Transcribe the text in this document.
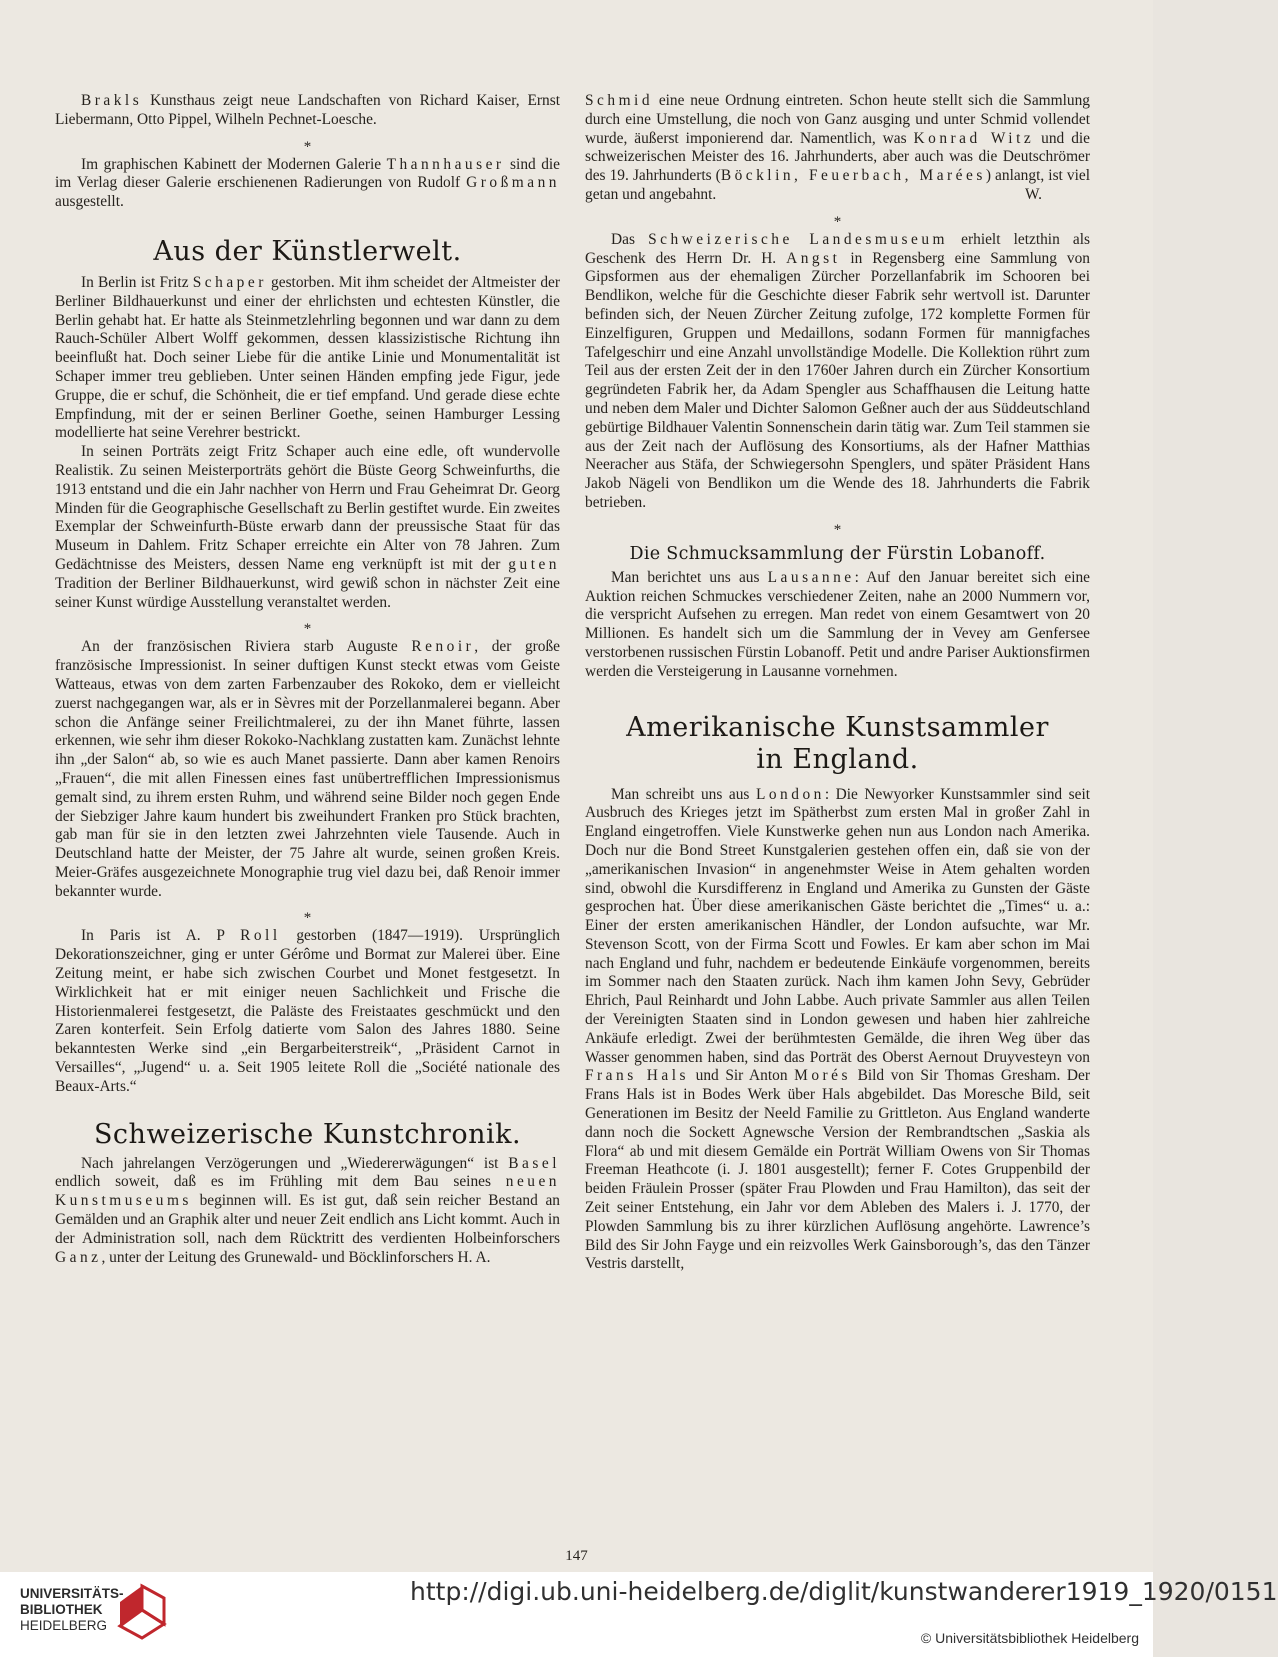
Brakls Kunsthaus zeigt neue Landschaften von Richard Kaiser, Ernst Liebermann, Otto Pippel, Wilheln Pechnet-Loesche.

*

Im graphischen Kabinett der Modernen Galerie Thannhauser sind die im Verlag dieser Galerie erschienenen Radierungen von Rudolf Großmann ausgestellt.

Aus der Künstlerwelt.

In Berlin ist Fritz Schaper gestorben. Mit ihm scheidet der Altmeister der Berliner Bildhauerkunst und einer der ehrlichsten und echtesten Künstler, die Berlin gehabt hat. Er hatte als Steinmetzlehrling begonnen und war dann zu dem Rauch-Schüler Albert Wolff gekommen, dessen klassizistische Richtung ihn beeinflußt hat. Doch seiner Liebe für die antike Linie und Monumentalität ist Schaper immer treu geblieben. Unter seinen Händen empfing jede Figur, jede Gruppe, die er schuf, die Schönheit, die er tief empfand. Und gerade diese echte Empfindung, mit der er seinen Berliner Goethe, seinen Hamburger Lessing modellierte hat seine Verehrer bestrickt.

In seinen Porträts zeigt Fritz Schaper auch eine edle, oft wundervolle Realistik. Zu seinen Meisterporträts gehört die Büste Georg Schweinfurths, die 1913 entstand und die ein Jahr nachher von Herrn und Frau Geheimrat Dr. Georg Minden für die Geographische Gesellschaft zu Berlin gestiftet wurde. Ein zweites Exemplar der Schweinfurth-Büste erwarb dann der preussische Staat für das Museum in Dahlem. Fritz Schaper erreichte ein Alter von 78 Jahren. Zum Gedächtnisse des Meisters, dessen Name eng verknüpft ist mit der guten Tradition der Berliner Bildhauerkunst, wird gewiß schon in nächster Zeit eine seiner Kunst würdige Ausstellung veranstaltet werden.

*

An der französischen Riviera starb Auguste Renoir, der große französische Impressionist. In seiner duftigen Kunst steckt etwas vom Geiste Watteaus, etwas von dem zarten Farbenzauber des Rokoko, dem er vielleicht zuerst nachgegangen war, als er in Sèvres mit der Porzellanmalerei begann. Aber schon die Anfänge seiner Freilichtmalerei, zu der ihn Manet führte, lassen erkennen, wie sehr ihm dieser Rokoko-Nachklang zustatten kam. Zunächst lehnte ihn „der Salon“ ab, so wie es auch Manet passierte. Dann aber kamen Renoirs „Frauen“, die mit allen Finessen eines fast unübertrefflichen Impressionismus gemalt sind, zu ihrem ersten Ruhm, und während seine Bilder noch gegen Ende der Siebziger Jahre kaum hundert bis zweihundert Franken pro Stück brachten, gab man für sie in den letzten zwei Jahrzehnten viele Tausende. Auch in Deutschland hatte der Meister, der 75 Jahre alt wurde, seinen großen Kreis. Meier-Gräfes ausgezeichnete Monographie trug viel dazu bei, daß Renoir immer bekannter wurde.

*

In Paris ist A. P Roll gestorben (1847—1919). Ursprünglich Dekorationszeichner, ging er unter Gérôme und Bormat zur Malerei über. Eine Zeitung meint, er habe sich zwischen Courbet und Monet festgesetzt. In Wirklichkeit hat er mit einiger neuen Sachlichkeit und Frische die Historienmalerei festgesetzt, die Paläste des Freistaates geschmückt und den Zaren konterfeit. Sein Erfolg datierte vom Salon des Jahres 1880. Seine bekanntesten Werke sind „ein Bergarbeiterstreik“, „Präsident Carnot in Versailles“, „Jugend“ u. a. Seit 1905 leitete Roll die „Société nationale des Beaux-Arts.“

Schweizerische Kunstchronik.

Nach jahrelangen Verzögerungen und „Wiedererwägungen“ ist Basel endlich soweit, daß es im Frühling mit dem Bau seines neuen Kunstmuseums beginnen will. Es ist gut, daß sein reicher Bestand an Gemälden und an Graphik alter und neuer Zeit endlich ans Licht kommt. Auch in der Administration soll, nach dem Rücktritt des verdienten Holbeinforschers Ganz, unter der Leitung des Grunewald- und Böcklinforschers H. A.

Schmid eine neue Ordnung eintreten. Schon heute stellt sich die Sammlung durch eine Umstellung, die noch von Ganz ausging und unter Schmid vollendet wurde, äußerst imponierend dar. Namentlich, was Konrad Witz und die schweizerischen Meister des 16. Jahrhunderts, aber auch was die Deutschrömer des 19. Jahrhunderts (Böcklin, Feuerbach, Marées) anlangt, ist viel getan und angebahnt.	W.

*

Das Schweizerische Landesmuseum erhielt letzthin als Geschenk des Herrn Dr. H. Angst in Regensberg eine Sammlung von Gipsformen aus der ehemaligen Zürcher Porzellanfabrik im Schooren bei Bendlikon, welche für die Geschichte dieser Fabrik sehr wertvoll ist. Darunter befinden sich, der Neuen Zürcher Zeitung zufolge, 172 komplette Formen für Einzelfiguren, Gruppen und Medaillons, sodann Formen für mannigfaches Tafelgeschirr und eine Anzahl unvollständige Modelle. Die Kollektion rührt zum Teil aus der ersten Zeit der in den 1760er Jahren durch ein Zürcher Konsortium gegründeten Fabrik her, da Adam Spengler aus Schaffhausen die Leitung hatte und neben dem Maler und Dichter Salomon Geßner auch der aus Süddeutschland gebürtige Bildhauer Valentin Sonnenschein darin tätig war. Zum Teil stammen sie aus der Zeit nach der Auflösung des Konsortiums, als der Hafner Matthias Neeracher aus Stäfa, der Schwiegersohn Spenglers, und später Präsident Hans Jakob Nägeli von Bendlikon um die Wende des 18. Jahrhunderts die Fabrik betrieben.

*
Die Schmucksammlung der Fürstin Lobanoff.

Man berichtet uns aus Lausanne: Auf den Januar bereitet sich eine Auktion reichen Schmuckes verschiedener Zeiten, nahe an 2000 Nummern vor, die verspricht Aufsehen zu erregen. Man redet von einem Gesamtwert von 20 Millionen. Es handelt sich um die Sammlung der in Vevey am Genfersee verstorbenen russischen Fürstin Lobanoff. Petit und andre Pariser Auktionsfirmen werden die Versteigerung in Lausanne vornehmen.

Amerikanische Kunstsammler
in England.

Man schreibt uns aus London: Die Newyorker Kunstsammler sind seit Ausbruch des Krieges jetzt im Spätherbst zum ersten Mal in großer Zahl in England eingetroffen. Viele Kunstwerke gehen nun aus London nach Amerika. Doch nur die Bond Street Kunstgalerien gestehen offen ein, daß sie von der „amerikanischen Invasion“ in angenehmster Weise in Atem gehalten worden sind, obwohl die Kursdifferenz in England und Amerika zu Gunsten der Gäste gesprochen hat. Über diese amerikanischen Gäste berichtet die „Times“ u. a.: Einer der ersten amerikanischen Händler, der London aufsuchte, war Mr. Stevenson Scott, von der Firma Scott und Fowles. Er kam aber schon im Mai nach England und fuhr, nachdem er bedeutende Einkäufe vorgenommen, bereits im Sommer nach den Staaten zurück. Nach ihm kamen John Sevy, Gebrüder Ehrich, Paul Reinhardt und John Labbe. Auch private Sammler aus allen Teilen der Vereinigten Staaten sind in London gewesen und haben hier zahlreiche Ankäufe erledigt. Zwei der berühmtesten Gemälde, die ihren Weg über das Wasser genommen haben, sind das Porträt des Oberst Aernout Druyvesteyn von Frans Hals und Sir Anton Morés Bild von Sir Thomas Gresham. Der Frans Hals ist in Bodes Werk über Hals abgebildet. Das Moresche Bild, seit Generationen im Besitz der Neeld Familie zu Grittleton. Aus England wanderte dann noch die Sockett Agnewsche Version der Rembrandtschen „Saskia als Flora“ ab und mit diesem Gemälde ein Porträt William Owens von Sir Thomas Freeman Heathcote (i. J. 1801 ausgestellt); ferner F. Cotes Gruppenbild der beiden Fräulein Prosser (später Frau Plowden und Frau Hamilton), das seit der Zeit seiner Entstehung, ein Jahr vor dem Ableben des Malers i. J. 1770, der Plowden Sammlung bis zu ihrer kürzlichen Auflösung angehörte. Lawrence’s Bild des Sir John Fayge und ein reizvolles Werk Gainsborough’s, das den Tänzer Vestris darstellt,

147
UNIVERSITÄTS-
BIBLIOTHEK
HEIDELBERG
http://digi.ub.uni-heidelberg.de/diglit/kunstwanderer1919_1920/0151
© Universitätsbibliothek Heidelberg
